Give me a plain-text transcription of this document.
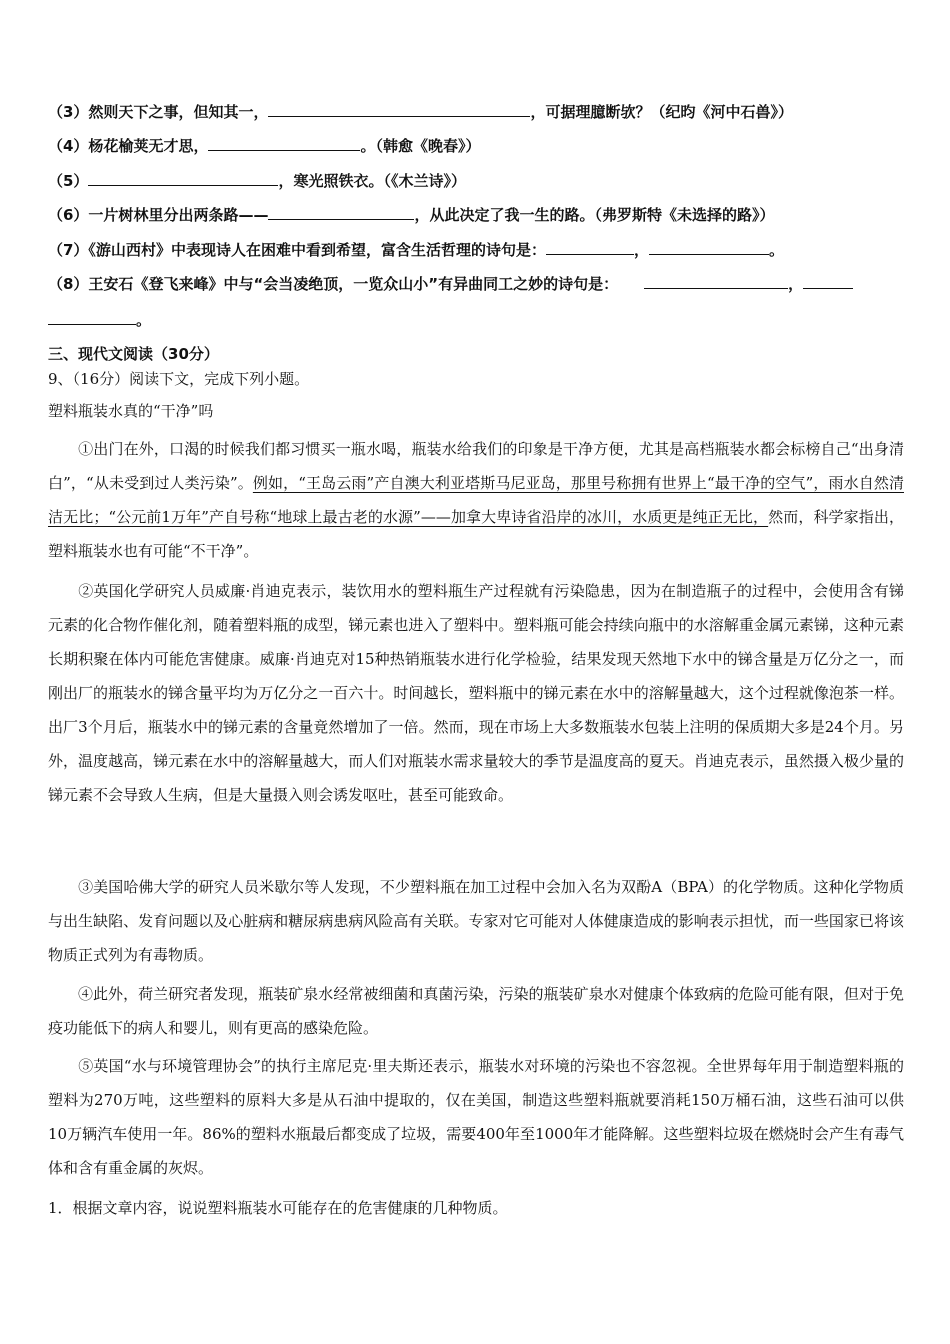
（3）然则天下之事，但知其一，	，可据理臆断欤？（纪昀《河中石兽》）
（4）杨花榆荚无才思，	。（韩愈《晚春》）
（5）	，寒光照铁衣。（《木兰诗》）
（6）一片树林里分出两条路——	，从此决定了我一生的路。（弗罗斯特《未选择的路》）
（7）《游山西村》中表现诗人在困难中看到希望，富含生活哲理的诗句是：	，	。
（8）王安石《登飞来峰》中与“会当凌绝顶，一览众山小”有异曲同工之妙的诗句是：	，
。
三、现代文阅读（30分）
9、（16分）阅读下文，完成下列小题。
塑料瓶装水真的“干净”吗
①出门在外，口渴的时候我们都习惯买一瓶水喝，瓶装水给我们的印象是干净方便，尤其是高档瓶装水都会标榜自己“出身清白”，“从未受到过人类污染”。例如，“王岛云雨”产自澳大利亚塔斯马尼亚岛，那里号称拥有世界上“最干净的空气”，雨水自然清洁无比；“公元前1万年”产自号称“地球上最古老的水源”——加拿大卑诗省沿岸的冰川，水质更是纯正无比，然而，科学家指出，塑料瓶装水也有可能“不干净”。
②英国化学研究人员威廉·肖迪克表示，装饮用水的塑料瓶生产过程就有污染隐患，因为在制造瓶子的过程中，会使用含有锑元素的化合物作催化剂，随着塑料瓶的成型，锑元素也进入了塑料中。塑料瓶可能会持续向瓶中的水溶解重金属元素锑，这种元素长期积聚在体内可能危害健康。威廉·肖迪克对15种热销瓶装水进行化学检验，结果发现天然地下水中的锑含量是万亿分之一，而刚出厂的瓶装水的锑含量平均为万亿分之一百六十。时间越长，塑料瓶中的锑元素在水中的溶解量越大，这个过程就像泡茶一样。出厂3个月后，瓶装水中的锑元素的含量竟然增加了一倍。然而，现在市场上大多数瓶装水包装上注明的保质期大多是24个月。另外，温度越高，锑元素在水中的溶解量越大，而人们对瓶装水需求量较大的季节是温度高的夏天。肖迪克表示，虽然摄入极少量的锑元素不会导致人生病，但是大量摄入则会诱发呕吐，甚至可能致命。
③美国哈佛大学的研究人员米歇尔等人发现，不少塑料瓶在加工过程中会加入名为双酚A（BPA）的化学物质。这种化学物质与出生缺陷、发育问题以及心脏病和糖尿病患病风险高有关联。专家对它可能对人体健康造成的影响表示担忧，而一些国家已将该物质正式列为有毒物质。
④此外，荷兰研究者发现，瓶装矿泉水经常被细菌和真菌污染，污染的瓶装矿泉水对健康个体致病的危险可能有限，但对于免疫功能低下的病人和婴儿，则有更高的感染危险。
⑤英国“水与环境管理协会”的执行主席尼克·里夫斯还表示，瓶装水对环境的污染也不容忽视。全世界每年用于制造塑料瓶的塑料为270万吨，这些塑料的原料大多是从石油中提取的，仅在美国，制造这些塑料瓶就要消耗150万桶石油，这些石油可以供10万辆汽车使用一年。86%的塑料水瓶最后都变成了垃圾，需要400年至1000年才能降解。这些塑料垃圾在燃烧时会产生有毒气体和含有重金属的灰烬。
1．根据文章内容，说说塑料瓶装水可能存在的危害健康的几种物质。
